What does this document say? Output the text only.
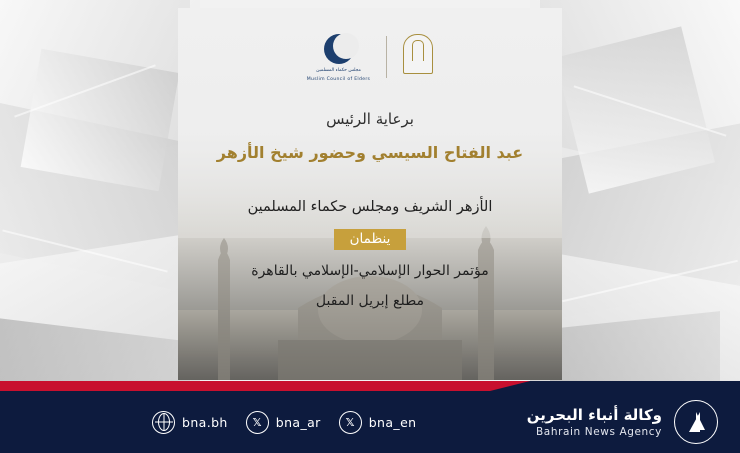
مجلس حكماء المسلمين
Muslim Council of Elders
برعاية الرئيس
عبد الفتاح السيسي وحضور شيخ الأزهر
الأزهر الشريف ومجلس حكماء المسلمين
ينظمان
مؤتمر الحوار الإسلامي-الإسلامي بالقاهرة
مطلع إبريل المقبل
bna.bh	𝕏	bna_ar	𝕏	bna_en	وكالة أنباء البحرين
Bahrain News Agency
